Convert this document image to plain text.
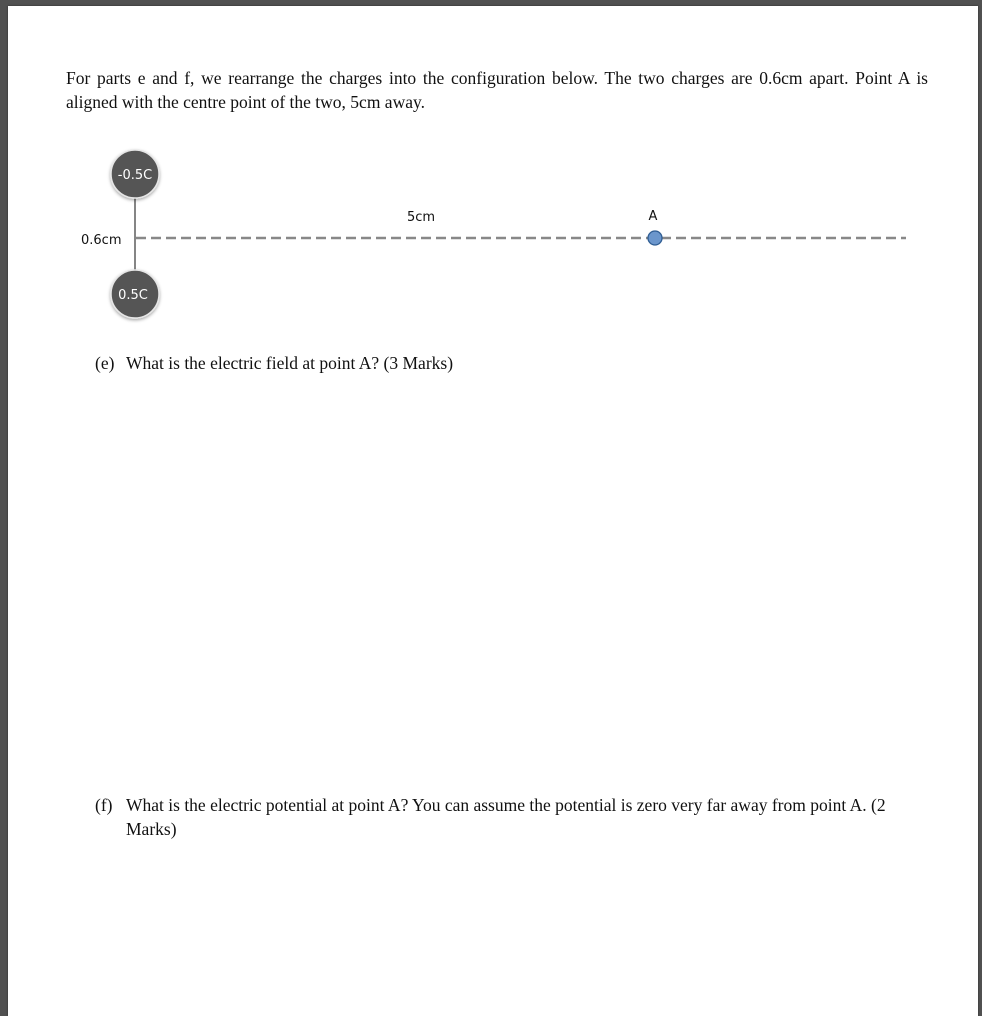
For parts e and f, we rearrange the charges into the configuration below. The two charges are 0.6cm apart. Point A is aligned with the centre point of the two, 5cm away.

-0.5C
0.5C
0.6cm
5cm	A
(e) What is the electric field at point A? (3 Marks)
(f) What is the electric potential at point A? You can assume the potential is zero very far away from point A. (2 Marks)
